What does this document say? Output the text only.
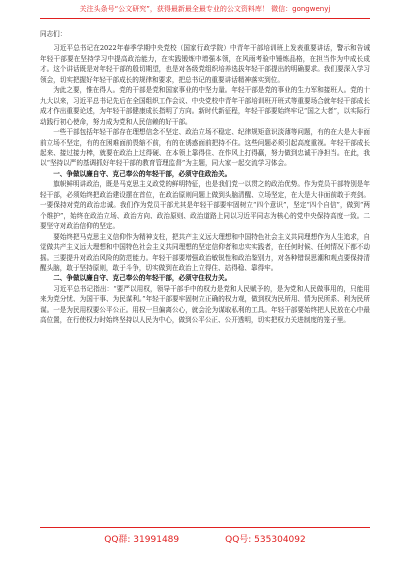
关注头条号“公文研究”，获得最新最全最专业的公文资料库！ 微信：gongwenyj

同志们：

习近平总书记在2022年春季学期中央党校（国家行政学院）中青年干部培训班上发表重要讲话，警示和告诫年轻干部要在坚持学习中提高政治能力，在实践锻炼中增强本领，在风雨考验中锤炼品格，在担当作为中成长成才。这个讲话既是对年轻干部的殷切期望，也是对各级党组织培养选拔年轻干部提出的明确要求。我们要深入学习领会，切实把握好年轻干部成长的规律和要求，把总书记的重要讲话精神落实到位。

为此之要，惟在得人。党的干部是党和国家事业的中坚力量。年轻干部是党的事业的生力军和接班人。党的十九大以来，习近平总书记先后在全国组织工作会议、中央党校中青年干部培训班开班式等重要场合就年轻干部成长成才作出重要论述，为年轻干部健康成长指明了方向。新时代新征程，年轻干部要始终牢记“国之大者”，以实际行动践行初心使命，努力成为党和人民信赖的好干部。

一些干部包括年轻干部存在理想信念不坚定、政治立场不稳定、纪律规矩意识淡薄等问题，有的在大是大非面前立场不坚定，有的在困难面前畏缩不前，有的在诱惑面前把持不住。这些问题必须引起高度重视。年轻干部成长起来、接过接力棒，就要在政治上过得硬、在本领上靠得住、在作风上打得赢，努力做到忠诚干净担当。在此，我以“坚持以严的基调抓好年轻干部的教育管理监督”为主题，同大家一起交流学习体会。

一、争做以廉自守、克己奉公的年轻干部，必须守住政治关。

旗帜鲜明讲政治，既是马克思主义政党的鲜明特征，也是我们党一以贯之的政治优势。作为党员干部特别是年轻干部，必须始终把政治建设摆在首位，在政治原则问题上做到头脑清醒、立场坚定，在大是大非面前敢于亮剑。一要保持对党的政治忠诚。我们作为党员干部尤其是年轻干部要牢固树立“四个意识”，坚定“四个自信”，做到“两个维护”，始终在政治立场、政治方向、政治原则、政治道路上同以习近平同志为核心的党中央保持高度一致。二要坚守对政治信仰的坚定。

要始终把马克思主义信仰作为精神支柱，把共产主义远大理想和中国特色社会主义共同理想作为人生追求，自觉做共产主义远大理想和中国特色社会主义共同理想的坚定信仰者和忠实实践者，在任何时候、任何情况下都不动摇。三要提升对政治风险的防范能力。年轻干部要增强政治敏锐性和政治鉴别力，对各种错误思潮和观点要保持清醒头脑，敢于坚持原则，敢于斗争，切实做到在政治上立得住、站得稳、靠得牢。

二、争做以廉自守、克己奉公的年轻干部，必须守住权力关。

习近平总书记指出：“要严以用权，领导干部手中的权力是党和人民赋予的，是为党和人民做事用的，只能用来为党分忧、为国干事、为民谋利。”年轻干部要牢固树立正确的权力观，做到权为民所用、情为民所系、利为民所谋。一是为民用权要公平公正。用权一旦偏离公心，就会沦为谋取私利的工具。年轻干部要始终把人民放在心中最高位置，在行使权力时始终坚持以人民为中心，做到公平公正、公开透明，切实把权力关进制度的笼子里。

QQ群: 31991489	QQ号: 535304092
